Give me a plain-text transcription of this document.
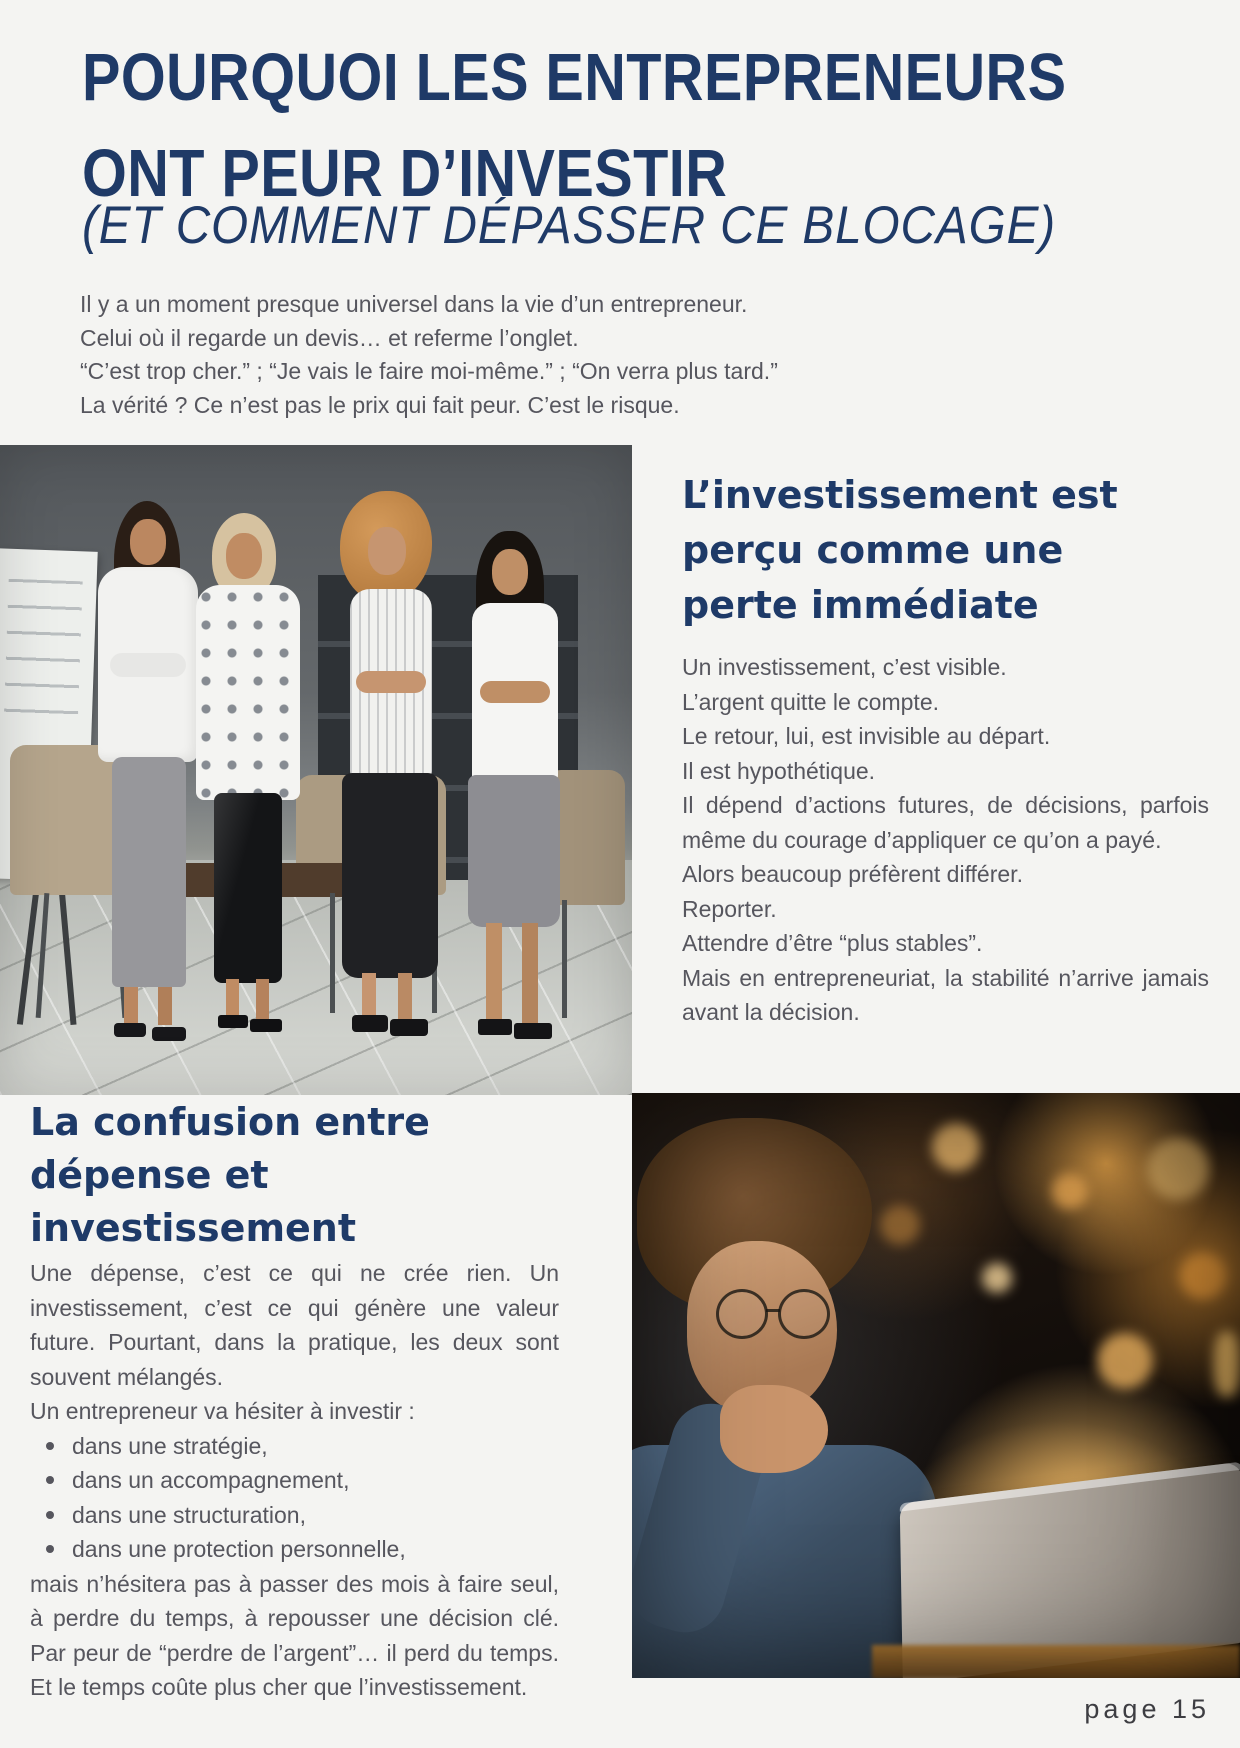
POURQUOI LES ENTREPRENEURS
ONT PEUR D’INVESTIR
(ET COMMENT DÉPASSER CE BLOCAGE)

Il y a un moment presque universel dans la vie d’un entrepreneur.

Celui où il regarde un devis… et referme l’onglet.

“C’est trop cher.” ; “Je vais le faire moi-même.” ; “On verra plus tard.”

La vérité ? Ce n’est pas le prix qui fait peur. C’est le risque.

L’investissement est
perçu comme une
perte immédiate

Un investissement, c’est visible.

L’argent quitte le compte.

Le retour, lui, est invisible au départ.

Il est hypothétique.

Il dépend d’actions futures, de décisions, parfois même du courage d’appliquer ce qu’on a payé.

Alors beaucoup préfèrent différer.

Reporter.

Attendre d’être “plus stables”.

Mais en entrepreneuriat, la stabilité n’arrive jamais avant la décision.

La confusion entre
dépense et
investissement

Une dépense, c’est ce qui ne crée rien. Un investissement, c’est ce qui génère une valeur future. Pourtant, dans la pratique, les deux sont souvent mélangés.

Un entrepreneur va hésiter à investir :

dans une stratégie,
dans un accompagnement,
dans une structuration,
dans une protection personnelle,

mais n’hésitera pas à passer des mois à faire seul, à perdre du temps, à repousser une décision clé. Par peur de “perdre de l’argent”… il perd du temps. Et le temps coûte plus cher que l’investissement.

page 15
